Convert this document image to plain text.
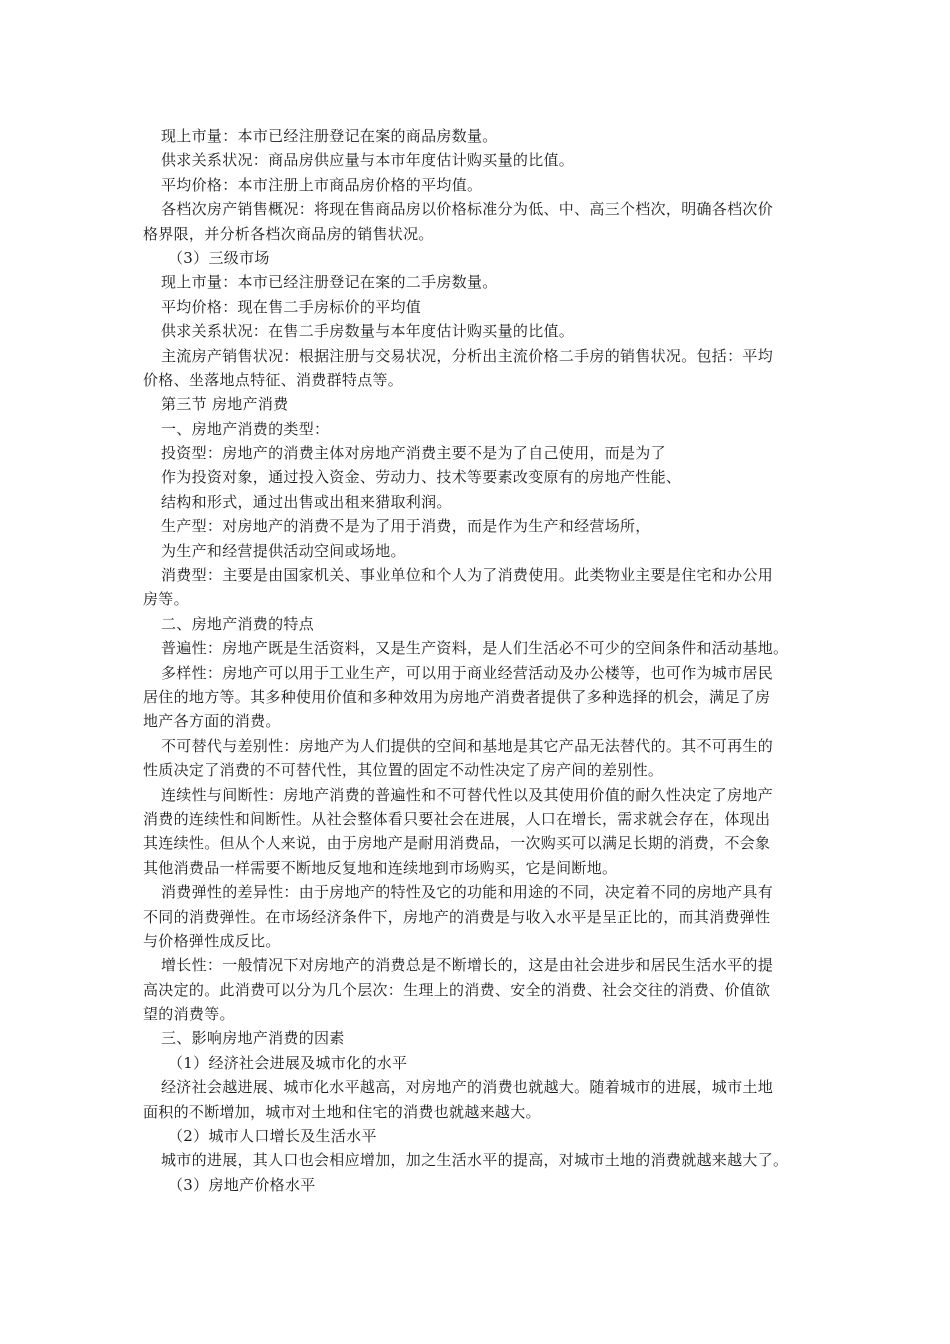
现上市量：本市已经注册登记在案的商品房数量。
供求关系状况：商品房供应量与本市年度估计购买量的比值。
平均价格：本市注册上市商品房价格的平均值。
各档次房产销售概况：将现在售商品房以价格标准分为低、中、高三个档次，明确各档次价
格界限，并分析各档次商品房的销售状况。
（3）三级市场
现上市量：本市已经注册登记在案的二手房数量。
平均价格：现在售二手房标价的平均值
供求关系状况：在售二手房数量与本年度估计购买量的比值。
主流房产销售状况：根据注册与交易状况，分析出主流价格二手房的销售状况。包括：平均
价格、坐落地点特征、消费群特点等。
第三节 房地产消费
一、房地产消费的类型：
投资型：房地产的消费主体对房地产消费主要不是为了自己使用，而是为了
作为投资对象，通过投入资金、劳动力、技术等要素改变原有的房地产性能、
结构和形式，通过出售或出租来猎取利润。
生产型：对房地产的消费不是为了用于消费，而是作为生产和经营场所，
为生产和经营提供活动空间或场地。
消费型：主要是由国家机关、事业单位和个人为了消费使用。此类物业主要是住宅和办公用
房等。
二、房地产消费的特点
普遍性：房地产既是生活资料，又是生产资料，是人们生活必不可少的空间条件和活动基地。
多样性：房地产可以用于工业生产，可以用于商业经营活动及办公楼等，也可作为城市居民
居住的地方等。其多种使用价值和多种效用为房地产消费者提供了多种选择的机会，满足了房
地产各方面的消费。
不可替代与差别性：房地产为人们提供的空间和基地是其它产品无法替代的。其不可再生的
性质决定了消费的不可替代性，其位置的固定不动性决定了房产间的差别性。
连续性与间断性：房地产消费的普遍性和不可替代性以及其使用价值的耐久性决定了房地产
消费的连续性和间断性。从社会整体看只要社会在进展，人口在增长，需求就会存在，体现出
其连续性。但从个人来说，由于房地产是耐用消费品，一次购买可以满足长期的消费，不会象
其他消费品一样需要不断地反复地和连续地到市场购买，它是间断地。
消费弹性的差异性：由于房地产的特性及它的功能和用途的不同，决定着不同的房地产具有
不同的消费弹性。在市场经济条件下，房地产的消费是与收入水平是呈正比的，而其消费弹性
与价格弹性成反比。
增长性：一般情况下对房地产的消费总是不断增长的，这是由社会进步和居民生活水平的提
高决定的。此消费可以分为几个层次：生理上的消费、安全的消费、社会交往的消费、价值欲
望的消费等。
三、影响房地产消费的因素
（1）经济社会进展及城市化的水平
经济社会越进展、城市化水平越高，对房地产的消费也就越大。随着城市的进展，城市土地
面积的不断增加，城市对土地和住宅的消费也就越来越大。
（2）城市人口增长及生活水平
城市的进展，其人口也会相应增加，加之生活水平的提高，对城市土地的消费就越来越大了。
（3）房地产价格水平
